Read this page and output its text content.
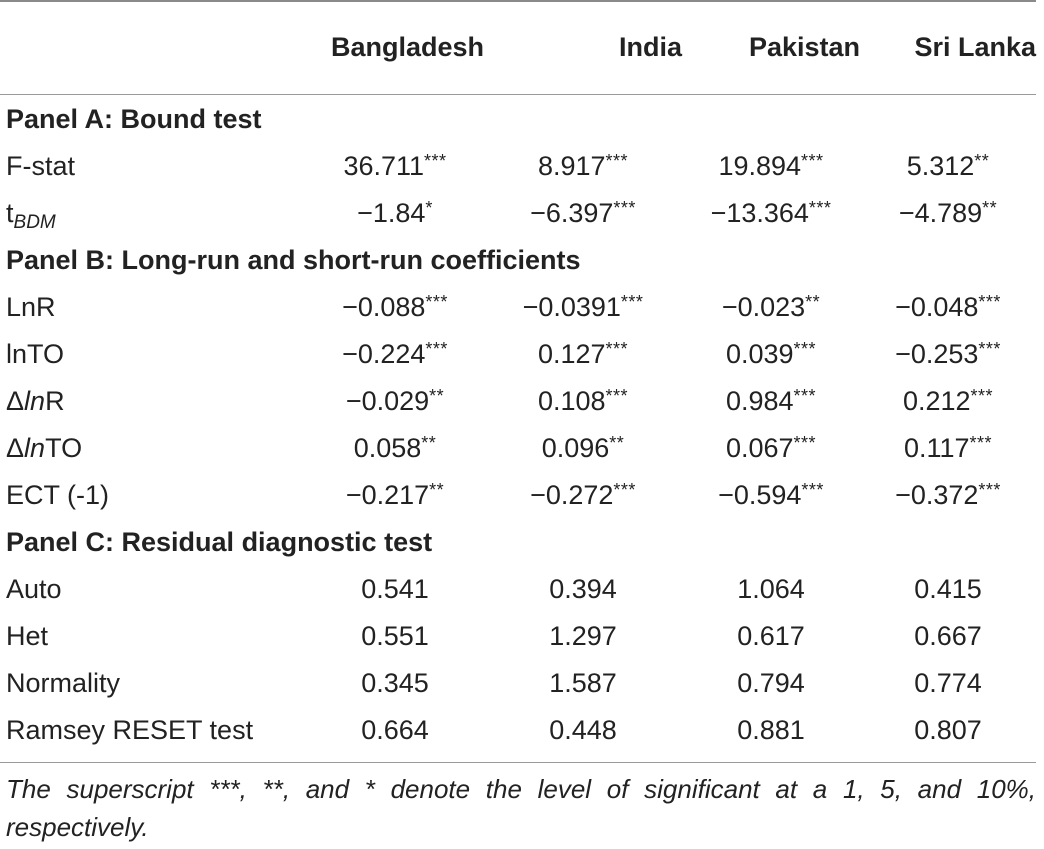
	Bangladesh	India	Pakistan	Sri Lanka
Panel A: Bound test				
F-stat	36.711***	8.917***	19.894***	5.312**
$t_{BDM}$	−1.84*	−6.397***	−13.364***	−4.789**
Panel B: Long-run and short-run coefficients				
LnR	−0.088***	−0.0391***	−0.023**	−0.048***
lnTO	−0.224***	0.127***	0.039***	−0.253***
ΔlnR	−0.029**	0.108***	0.984***	0.212***
ΔlnTO	0.058**	0.096**	0.067***	0.117***
ECT (-1)	−0.217**	−0.272***	−0.594***	−0.372***
Panel C: Residual diagnostic test				
Auto	0.541	0.394	1.064	0.415
Het	0.551	1.297	0.617	0.667
Normality	0.345	1.587	0.794	0.774
Ramsey RESET test	0.664	0.448	0.881	0.807
The superscript ***, **, and * denote the level of significant at a 1, 5, and 10%, respectively.
